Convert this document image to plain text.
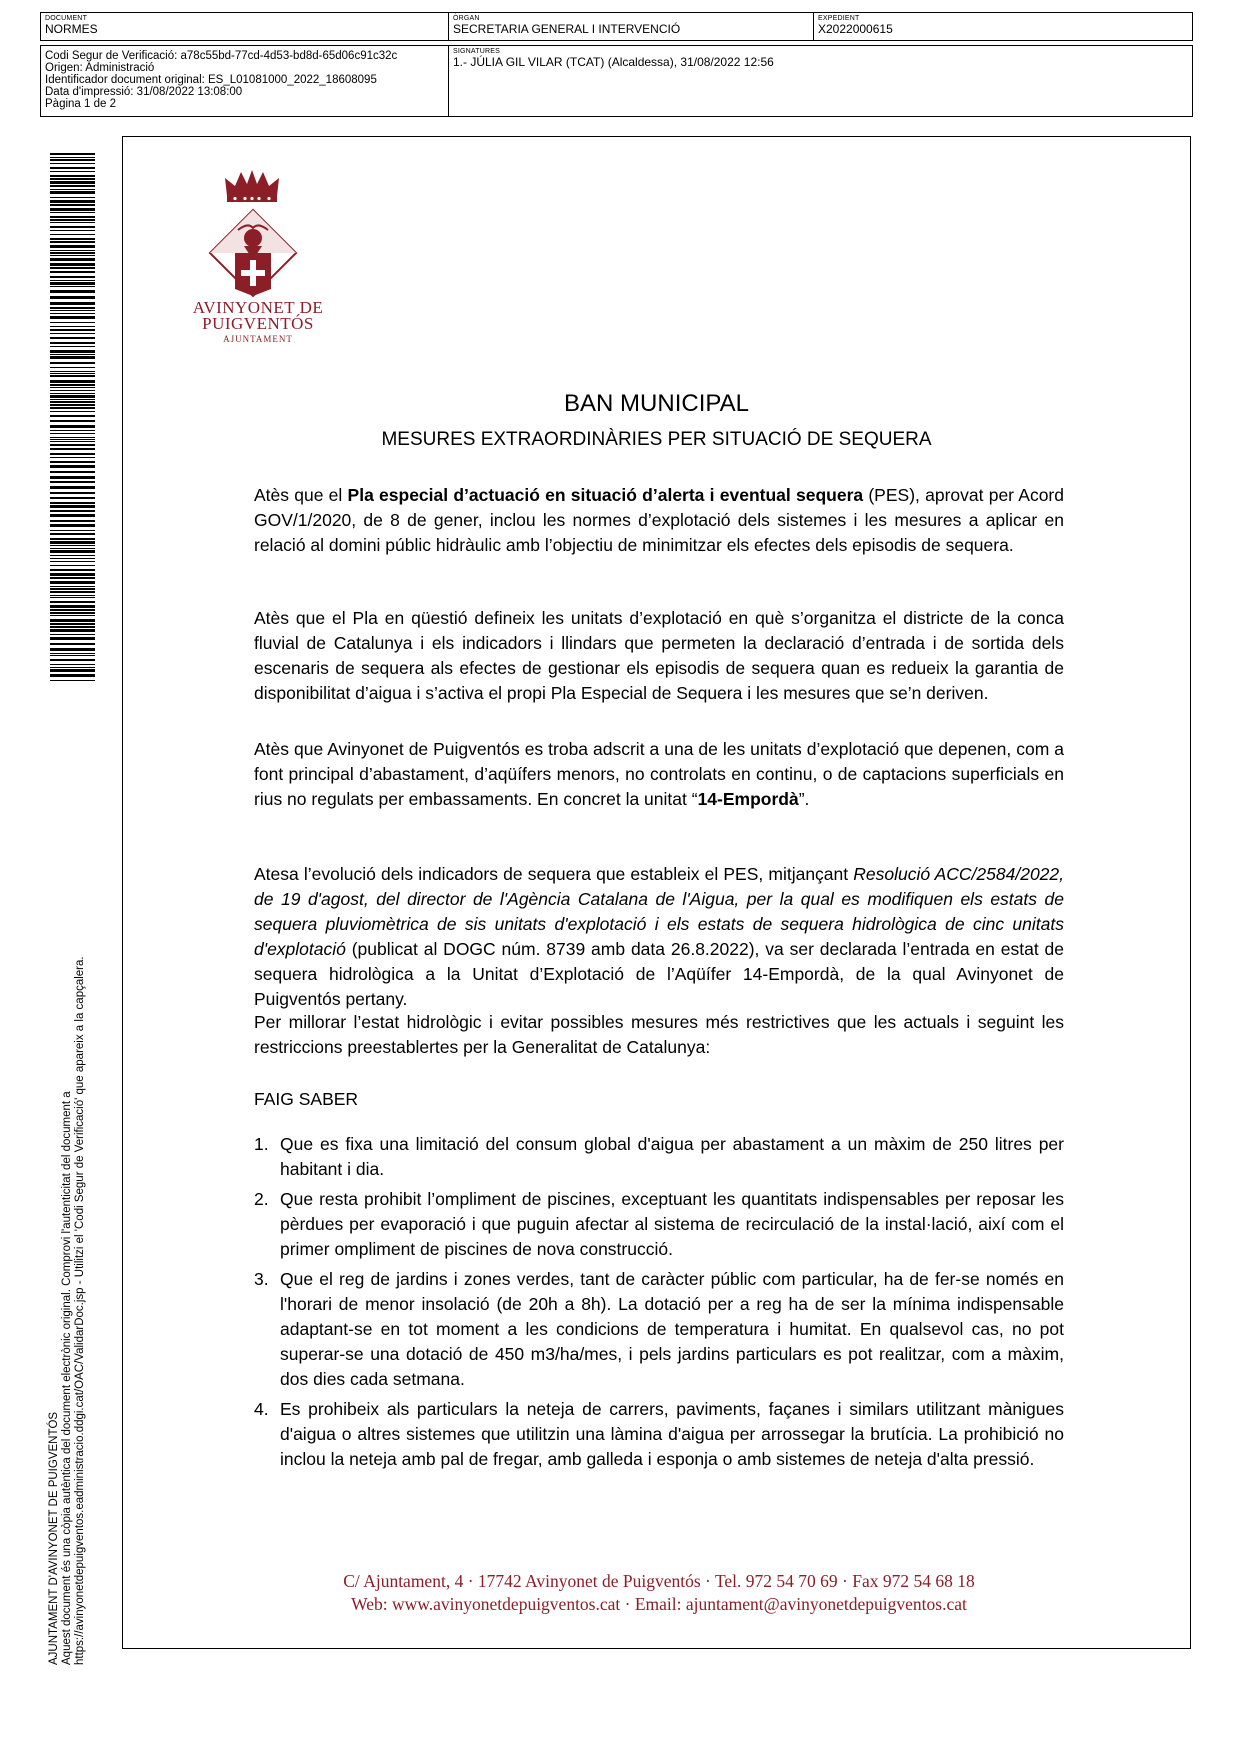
DOCUMENT
NORMES
ÒRGAN
SECRETARIA GENERAL I INTERVENCIÓ
EXPEDIENT
X2022000615
Codi Segur de Verificació: a78c55bd-77cd-4d53-bd8d-65d06c91c32c
Origen: Administració
Identificador document original: ES_L01081000_2022_18608095
Data d'impressió: 31/08/2022 13:08:00
Pàgina 1 de 2
SIGNATURES
1.- JÚLIA GIL VILAR (TCAT) (Alcaldessa), 31/08/2022 12:56
AJUNTAMENT D'AVINYONET DE PUIGVENTÓS Aquest document és una còpia autèntica del document electrònic original. Comprovi l'autenticitat del document a https://avinyonetdepuigventos.eadministracio.ddgi.cat/OAC/ValidarDoc.jsp - Utilitzi el 'Codi Segur de Verificació' que apareix a la capçalera.
AVINYONET DE
PUIGVENTÓS
AJUNTAMENT
BAN MUNICIPAL
MESURES EXTRAORDINÀRIES PER SITUACIÓ DE SEQUERA
Atès que el Pla especial d’actuació en situació d’alerta i eventual sequera (PES), aprovat per Acord GOV/1/2020, de 8 de gener, inclou les normes d’explotació dels sistemes i les mesures a aplicar en relació al domini públic hidràulic amb l’objectiu de minimitzar els efectes dels episodis de sequera.
Atès que el Pla en qüestió defineix les unitats d’explotació en què s’organitza el districte de la conca fluvial de Catalunya i els indicadors i llindars que permeten la declaració d’entrada i de sortida dels escenaris de sequera als efectes de gestionar els episodis de sequera quan es redueix la garantia de disponibilitat d’aigua i s’activa el propi Pla Especial de Sequera i les mesures que se’n deriven.
Atès que Avinyonet de Puigventós es troba adscrit a una de les unitats d’explotació que depenen, com a font principal d’abastament, d’aqüífers menors, no controlats en continu, o de captacions superficials en rius no regulats per embassaments. En concret la unitat “14-Empordà”.
Atesa l’evolució dels indicadors de sequera que estableix el PES, mitjançant Resolució ACC/2584/2022, de 19 d'agost, del director de l'Agència Catalana de l'Aigua, per la qual es modifiquen els estats de sequera pluviomètrica de sis unitats d'explotació i els estats de sequera hidrològica de cinc unitats d'explotació (publicat al DOGC núm. 8739 amb data 26.8.2022), va ser declarada l’entrada en estat de sequera hidrològica a la Unitat d’Explotació de l’Aqüífer 14-Empordà, de la qual Avinyonet de Puigventós pertany.
Per millorar l’estat hidrològic i evitar possibles mesures més restrictives que les actuals i seguint les restriccions preestablertes per la Generalitat de Catalunya:
FAIG SABER
1. Que es fixa una limitació del consum global d'aigua per abastament a un màxim de 250 litres per habitant i dia.
2. Que resta prohibit l’ompliment de piscines, exceptuant les quantitats indispensables per reposar les pèrdues per evaporació i que puguin afectar al sistema de recirculació de la instal·lació, així com el primer ompliment de piscines de nova construcció.
3. Que el reg de jardins i zones verdes, tant de caràcter públic com particular, ha de fer-se només en l'horari de menor insolació (de 20h a 8h). La dotació per a reg ha de ser la mínima indispensable adaptant-se en tot moment a les condicions de temperatura i humitat. En qualsevol cas, no pot superar-se una dotació de 450 m3/ha/mes, i pels jardins particulars es pot realitzar, com a màxim, dos dies cada setmana.
4. Es prohibeix als particulars la neteja de carrers, paviments, façanes i similars utilitzant mànigues d'aigua o altres sistemes que utilitzin una làmina d'aigua per arrossegar la brutícia. La prohibició no inclou la neteja amb pal de fregar, amb galleda i esponja o amb sistemes de neteja d'alta pressió.
C/ Ajuntament, 4 · 17742 Avinyonet de Puigventós · Tel. 972 54 70 69 · Fax 972 54 68 18
Web: www.avinyonetdepuigventos.cat · Email: ajuntament@avinyonetdepuigventos.cat
